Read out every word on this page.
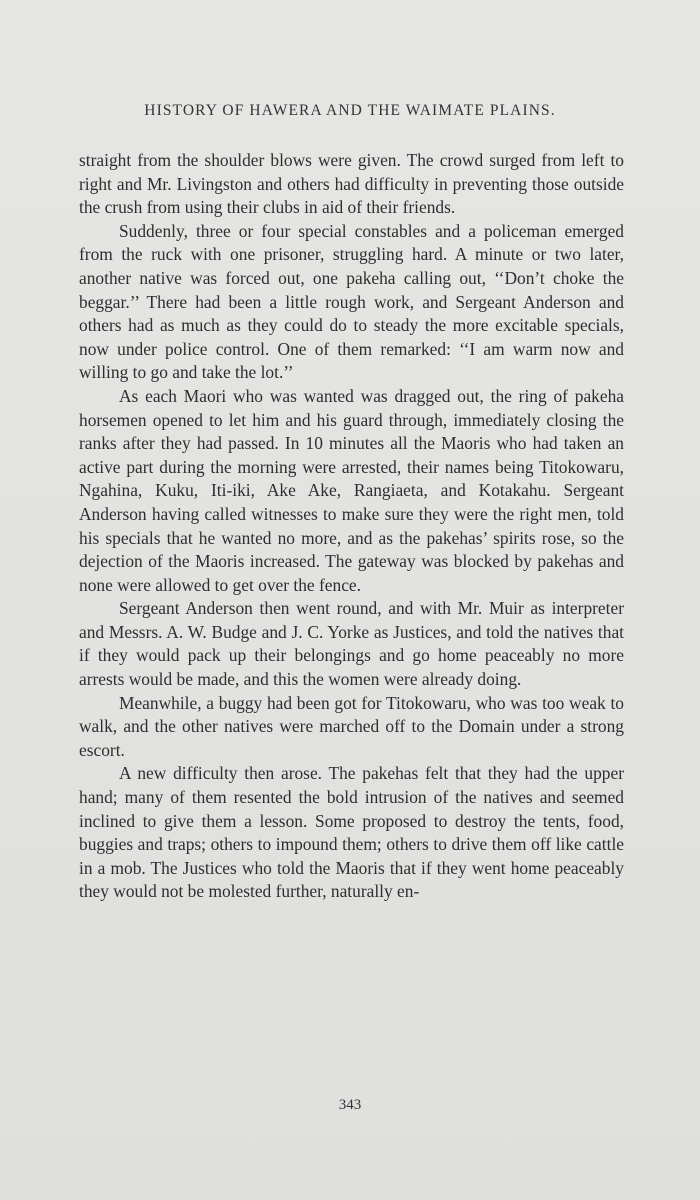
HISTORY OF HAWERA AND THE WAIMATE PLAINS.

straight from the shoulder blows were given. The crowd surged from left to right and Mr. Livingston and others had difficulty in preventing those outside the crush from using their clubs in aid of their friends.

Suddenly, three or four special constables and a policeman emerged from the ruck with one prisoner, struggling hard. A minute or two later, another native was forced out, one pakeha calling out, ‘‘Don’t choke the beggar.’’ There had been a little rough work, and Sergeant Anderson and others had as much as they could do to steady the more excitable specials, now under police control. One of them remarked: ‘‘I am warm now and willing to go and take the lot.’’

As each Maori who was wanted was dragged out, the ring of pakeha horsemen opened to let him and his guard through, immediately closing the ranks after they had passed. In 10 minutes all the Maoris who had taken an active part during the morning were arrested, their names being Titokowaru, Ngahina, Kuku, Iti-iki, Ake Ake, Rangiaeta, and Kotakahu. Sergeant Anderson having called witnesses to make sure they were the right men, told his specials that he wanted no more, and as the pakehas’ spirits rose, so the dejection of the Maoris increased. The gateway was blocked by pakehas and none were allowed to get over the fence.

Sergeant Anderson then went round, and with Mr. Muir as interpreter and Messrs. A. W. Budge and J. C. Yorke as Justices, and told the natives that if they would pack up their belongings and go home peaceably no more arrests would be made, and this the women were already doing.

Meanwhile, a buggy had been got for Titokowaru, who was too weak to walk, and the other natives were marched off to the Domain under a strong escort.

A new difficulty then arose. The pakehas felt that they had the upper hand; many of them resented the bold intrusion of the natives and seemed inclined to give them a lesson. Some proposed to destroy the tents, food, buggies and traps; others to impound them; others to drive them off like cattle in a mob. The Justices who told the Maoris that if they went home peaceably they would not be molested further, naturally en-

343
